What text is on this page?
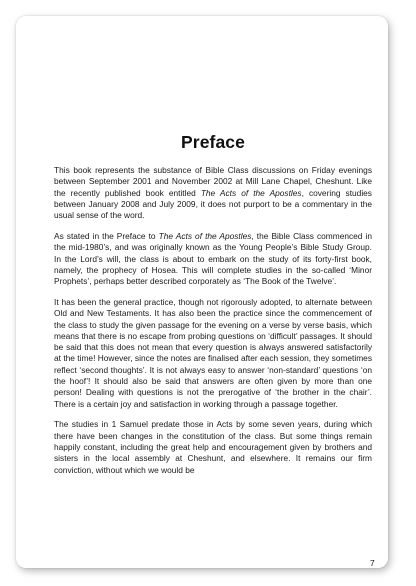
Preface

This book represents the substance of Bible Class discussions on Friday evenings between September 2001 and November 2002 at Mill Lane Chapel, Cheshunt. Like the recently published book entitled The Acts of the Apostles, covering studies between January 2008 and July 2009, it does not purport to be a commentary in the usual sense of the word.

As stated in the Preface to The Acts of the Apostles, the Bible Class commenced in the mid-1980’s, and was originally known as the Young People’s Bible Study Group. In the Lord’s will, the class is about to embark on the study of its forty-first book, namely, the prophecy of Hosea. This will complete studies in the so-called ‘Minor Prophets’, perhaps better described corporately as ‘The Book of the Twelve’.

It has been the general practice, though not rigorously adopted, to alternate between Old and New Testaments. It has also been the practice since the commencement of the class to study the given passage for the evening on a verse by verse basis, which means that there is no escape from probing questions on ‘difficult’ passages. It should be said that this does not mean that every question is always answered satisfactorily at the time! However, since the notes are finalised after each session, they sometimes reflect ‘second thoughts’. It is not always easy to answer ‘non-standard’ questions ‘on the hoof’! It should also be said that answers are often given by more than one person! Dealing with questions is not the prerogative of ‘the brother in the chair’. There is a certain joy and satisfaction in working through a passage together.

The studies in 1 Samuel predate those in Acts by some seven years, during which there have been changes in the constitution of the class. But some things remain happily constant, including the great help and encouragement given by brothers and sisters in the local assembly at Cheshunt, and elsewhere. It remains our firm conviction, without which we would be

7
